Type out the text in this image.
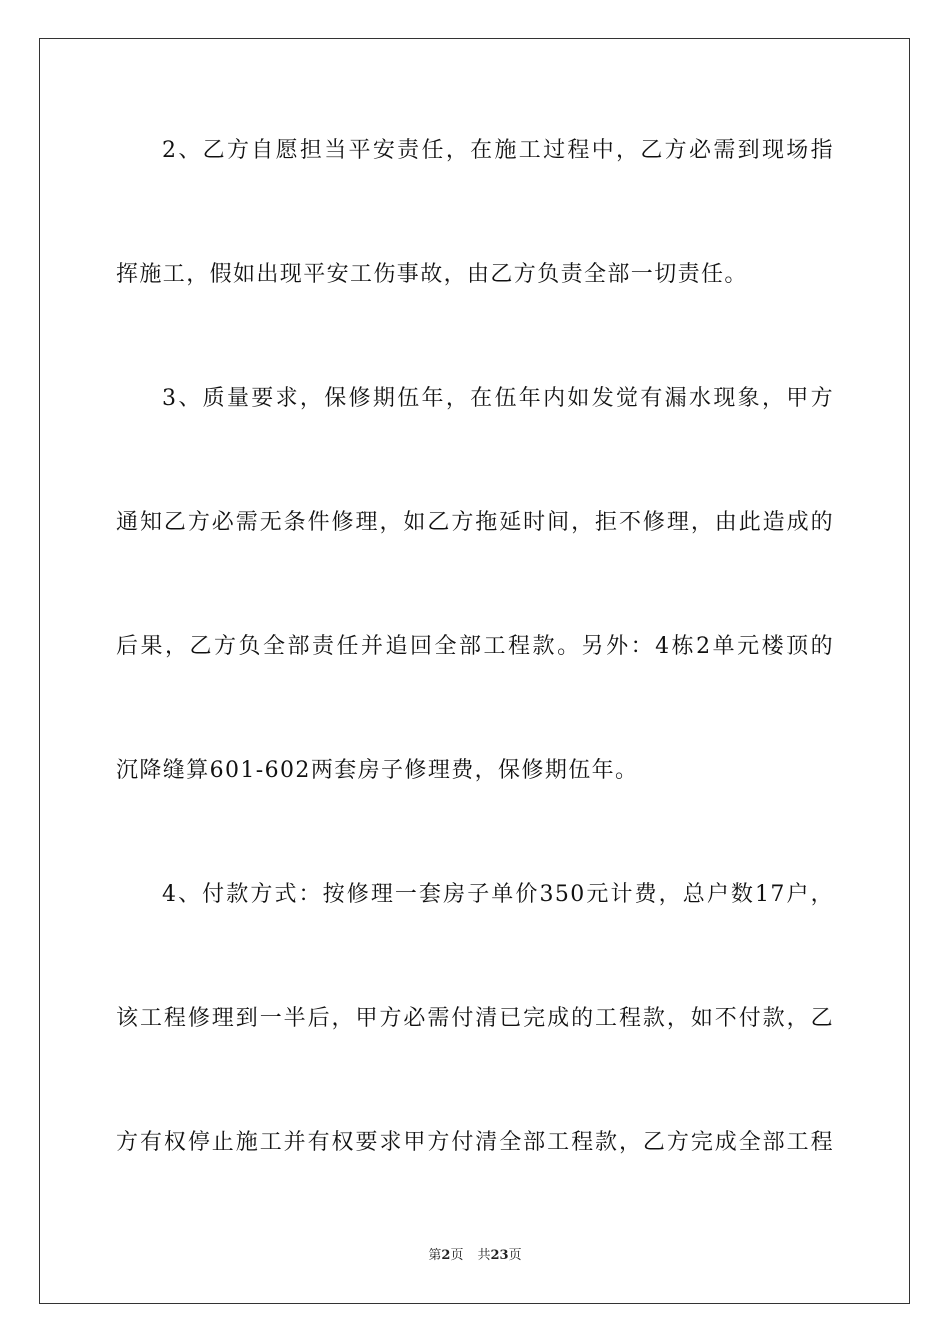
2、乙方自愿担当平安责任，在施工过程中，乙方必需到现场指
挥施工，假如出现平安工伤事故，由乙方负责全部一切责任。
3、质量要求，保修期伍年，在伍年内如发觉有漏水现象，甲方
通知乙方必需无条件修理，如乙方拖延时间，拒不修理，由此造成的
后果，乙方负全部责任并追回全部工程款。另外：4栋2单元楼顶的
沉降缝算601-602两套房子修理费，保修期伍年。
4、付款方式：按修理一套房子单价350元计费，总户数17户，
该工程修理到一半后，甲方必需付清已完成的工程款，如不付款，乙
方有权停止施工并有权要求甲方付清全部工程款，乙方完成全部工程
第2页 共23页
